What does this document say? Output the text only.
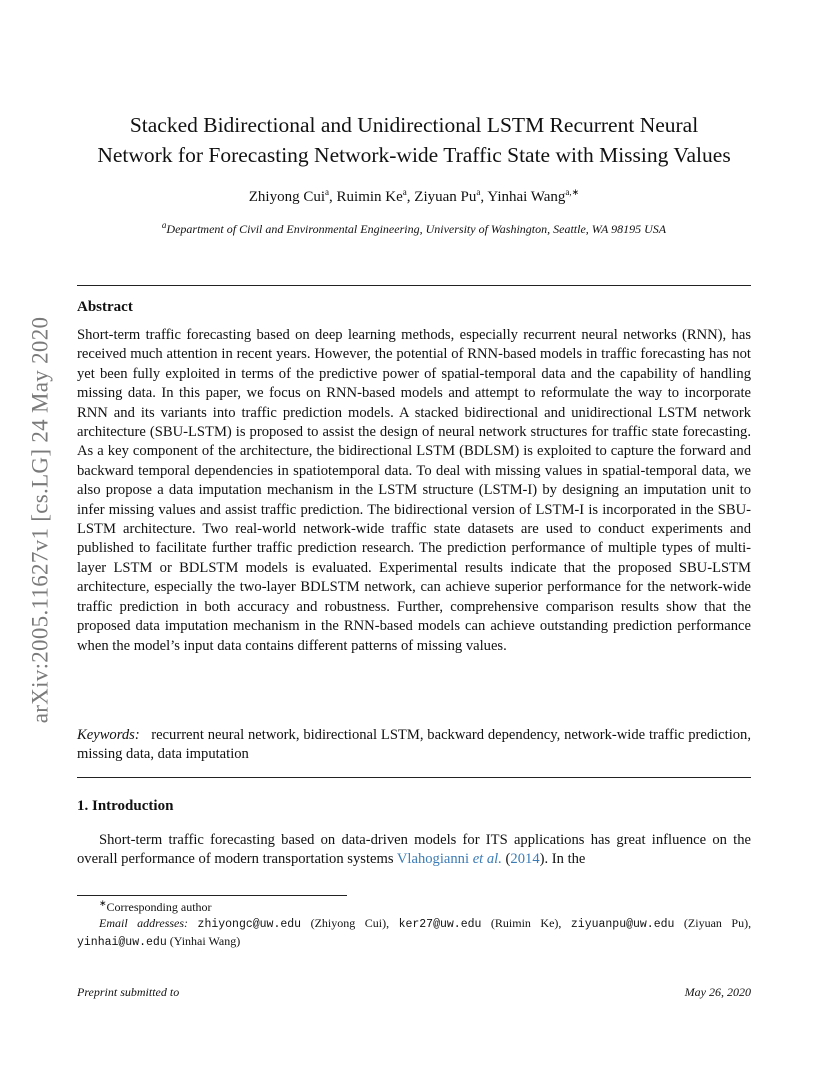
arXiv:2005.11627v1 [cs.LG] 24 May 2020
Stacked Bidirectional and Unidirectional LSTM Recurrent Neural
Network for Forecasting Network-wide Traffic State with Missing Values
Zhiyong Cui$^a$, Ruimin Ke$^a$, Ziyuan Pu$^a$, Yinhai Wang$^{a,∗}$
$^a$Department of Civil and Environmental Engineering, University of Washington, Seattle, WA 98195 USA
Abstract
Short-term traffic forecasting based on deep learning methods, especially recurrent neural networks (RNN), has received much attention in recent years. However, the potential of RNN-based models in traffic forecasting has not yet been fully exploited in terms of the predictive power of spatial-temporal data and the capability of handling missing data. In this paper, we focus on RNN-based models and attempt to reformulate the way to incorporate RNN and its variants into traffic prediction models. A stacked bidirectional and unidirectional LSTM network architecture (SBU-LSTM) is proposed to assist the design of neural network structures for traffic state forecasting. As a key component of the architecture, the bidirectional LSTM (BDLSM) is exploited to capture the forward and backward temporal dependencies in spatiotemporal data. To deal with missing values in spatial-temporal data, we also propose a data imputation mechanism in the LSTM structure (LSTM-I) by designing an imputation unit to infer missing values and assist traffic prediction. The bidirectional version of LSTM-I is incorporated in the SBU-LSTM architecture. Two real-world network-wide traffic state datasets are used to conduct experiments and published to facilitate further traffic prediction research. The prediction performance of multiple types of multi-layer LSTM or BDLSTM models is evaluated. Experimental results indicate that the proposed SBU-LSTM architecture, especially the two-layer BDLSTM network, can achieve superior performance for the network-wide traffic prediction in both accuracy and robustness. Further, comprehensive comparison results show that the proposed data imputation mechanism in the RNN-based models can achieve outstanding prediction performance when the model’s input data contains different patterns of missing values.
Keywords: recurrent neural network, bidirectional LSTM, backward dependency, network-wide traffic prediction, missing data, data imputation
1. Introduction
Short-term traffic forecasting based on data-driven models for ITS applications has great influence on the overall performance of modern transportation systems Vlahogianni et al. (2014). In the
∗Corresponding author
Email addresses: zhiyongc@uw.edu (Zhiyong Cui), ker27@uw.edu (Ruimin Ke), ziyuanpu@uw.edu (Ziyuan Pu), yinhai@uw.edu (Yinhai Wang)
Preprint submitted to	May 26, 2020
